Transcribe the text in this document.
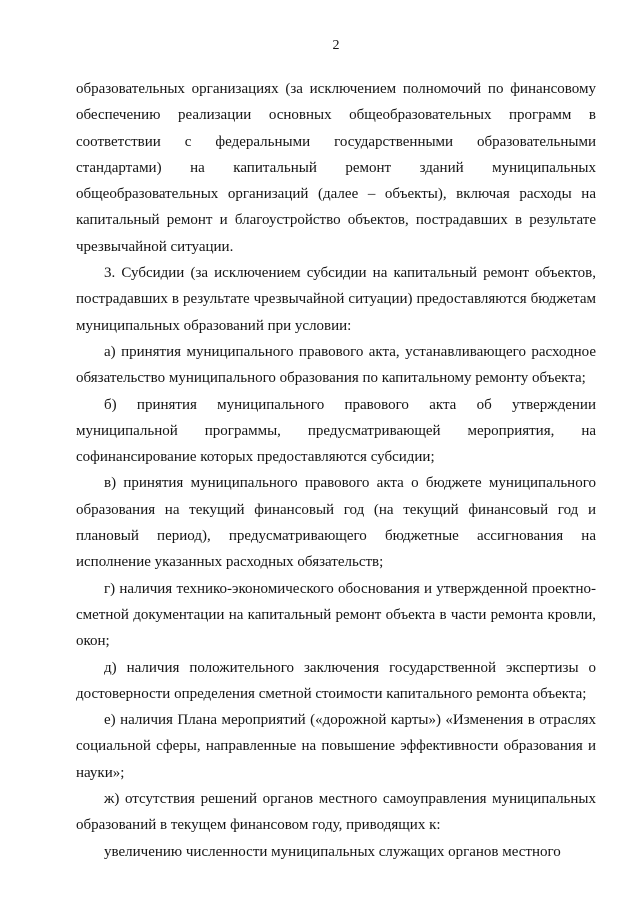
2

образовательных организациях (за исключением полномочий по финансовому обеспечению реализации основных общеобразовательных программ в соответствии с федеральными государственными образовательными стандартами) на капитальный ремонт зданий муниципальных общеобразовательных организаций (далее – объекты), включая расходы на капитальный ремонт и благоустройство объектов, пострадавших в результате чрезвычайной ситуации.

3. Субсидии (за исключением субсидии на капитальный ремонт объектов, пострадавших в результате чрезвычайной ситуации) предоставляются бюджетам муниципальных образований при условии:

а) принятия муниципального правового акта, устанавливающего расходное обязательство муниципального образования по капитальному ремонту объекта;

б) принятия муниципального правового акта об утверждении муниципальной программы, предусматривающей мероприятия, на софинансирование которых предоставляются субсидии;

в) принятия муниципального правового акта о бюджете муниципального образования на текущий финансовый год (на текущий финансовый год и плановый период), предусматривающего бюджетные ассигнования на исполнение указанных расходных обязательств;

г) наличия технико-экономического обоснования и утвержденной проектно-сметной документации на капитальный ремонт объекта в части ремонта кровли, окон;

д) наличия положительного заключения государственной экспертизы о достоверности определения сметной стоимости капитального ремонта объекта;

е) наличия Плана мероприятий («дорожной карты») «Изменения в отраслях социальной сферы, направленные на повышение эффективности образования и науки»;

ж) отсутствия решений органов местного самоуправления муниципальных образований в текущем финансовом году, приводящих к:

увеличению численности муниципальных служащих органов местного
